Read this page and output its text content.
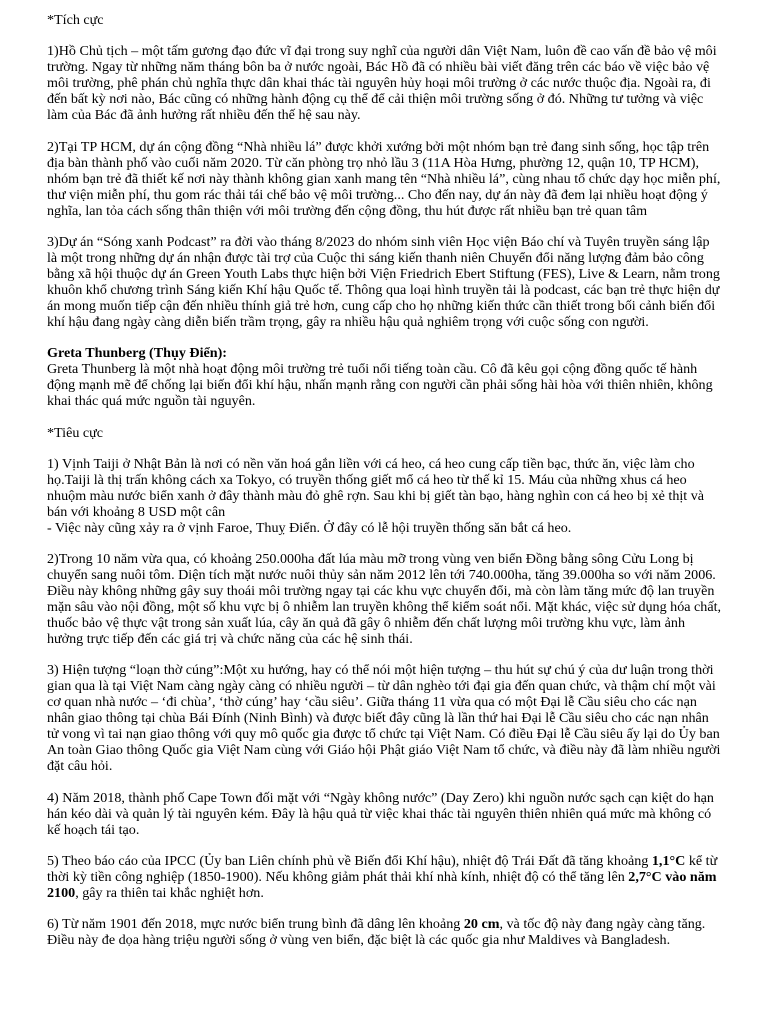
*Tích cực

1)Hồ Chủ tịch – một tấm gương đạo đức vĩ đại trong suy nghĩ của người dân Việt Nam, luôn đề cao vấn đề bảo vệ môi trường. Ngay từ những năm tháng bôn ba ở nước ngoài, Bác Hồ đã có nhiều bài viết đăng trên các báo về việc bảo vệ môi trường, phê phán chủ nghĩa thực dân khai thác tài nguyên hủy hoại môi trường ở các nước thuộc địa. Ngoài ra, đi đến bất kỳ nơi nào, Bác cũng có những hành động cụ thể để cải thiện môi trường sống ở đó. Những tư tưởng và việc làm của Bác đã ảnh hưởng rất nhiều đến thế hệ sau này.

2)Tại TP HCM, dự án cộng đồng “Nhà nhiều lá” được khởi xướng bởi một nhóm bạn trẻ đang sinh sống, học tập trên địa bàn thành phố vào cuối năm 2020. Từ căn phòng trọ nhỏ lầu 3 (11A Hòa Hưng, phường 12, quận 10, TP HCM), nhóm bạn trẻ đã thiết kế nơi này thành không gian xanh mang tên “Nhà nhiều lá”, cùng nhau tổ chức dạy học miễn phí, thư viện miễn phí, thu gom rác thải tái chế bảo vệ môi trường... Cho đến nay, dự án này đã đem lại nhiều hoạt động ý nghĩa, lan tỏa cách sống thân thiện với môi trường đến cộng đồng, thu hút được rất nhiều bạn trẻ quan tâm

3)Dự án “Sóng xanh Podcast” ra đời vào tháng 8/2023 do nhóm sinh viên Học viện Báo chí và Tuyên truyền sáng lập là một trong những dự án nhận được tài trợ của Cuộc thi sáng kiến thanh niên Chuyển đổi năng lượng đảm bảo công bằng xã hội thuộc dự án Green Youth Labs thực hiện bởi Viện Friedrich Ebert Stiftung (FES), Live & Learn, nằm trong khuôn khổ chương trình Sáng kiến Khí hậu Quốc tế. Thông qua loại hình truyền tải là podcast, các bạn trẻ thực hiện dự án mong muốn tiếp cận đến nhiều thính giả trẻ hơn, cung cấp cho họ những kiến thức cần thiết trong bối cảnh biến đổi khí hậu đang ngày càng diễn biến trầm trọng, gây ra nhiều hậu quả nghiêm trọng với cuộc sống con người.

Greta Thunberg (Thụy Điển):
Greta Thunberg là một nhà hoạt động môi trường trẻ tuổi nổi tiếng toàn cầu. Cô đã kêu gọi cộng đồng quốc tế hành động mạnh mẽ để chống lại biến đổi khí hậu, nhấn mạnh rằng con người cần phải sống hài hòa với thiên nhiên, không khai thác quá mức nguồn tài nguyên.

*Tiêu cực

1) Vịnh Taiji ở Nhật Bản là nơi có nền văn hoá gắn liền với cá heo, cá heo cung cấp tiền bạc, thức ăn, việc làm cho họ.Taiji là thị trấn không cách xa Tokyo, có truyền thống giết mổ cá heo từ thế kỉ 15. Máu của những xhus cá heo nhuộm màu nước biển xanh ở đây thành màu đỏ ghê rợn. Sau khi bị giết tàn bạo, hàng nghìn con cá heo bị xẻ thịt và bán với khoảng 8 USD một cân
- Việc này cũng xảy ra ở vịnh Faroe, Thuỵ Điển. Ở đây có lễ hội truyền thống săn bắt cá heo.

2)Trong 10 năm vừa qua, có khoảng 250.000ha đất lúa màu mỡ trong vùng ven biển Đồng bằng sông Cửu Long bị chuyển sang nuôi tôm. Diện tích mặt nước nuôi thủy sản năm 2012 lên tới 740.000ha, tăng 39.000ha so với năm 2006. Điều này không những gây suy thoái môi trường ngay tại các khu vực chuyển đổi, mà còn làm tăng mức độ lan truyền mặn sâu vào nội đồng, một số khu vực bị ô nhiễm lan truyền không thể kiểm soát nổi. Mặt khác, việc sử dụng hóa chất, thuốc bảo vệ thực vật trong sản xuất lúa, cây ăn quả đã gây ô nhiễm đến chất lượng môi trường khu vực, làm ảnh hưởng trực tiếp đến các giá trị và chức năng của các hệ sinh thái.

3) Hiện tượng “loạn thờ cúng”:Một xu hướng, hay có thể nói một hiện tượng – thu hút sự chú ý của dư luận trong thời gian qua là tại Việt Nam càng ngày càng có nhiều người – từ dân nghèo tới đại gia đến quan chức, và thậm chí một vài cơ quan nhà nước – ‘đi chùa’, ‘thờ cúng’ hay ‘cầu siêu’. Giữa tháng 11 vừa qua có một Đại lễ Cầu siêu cho các nạn nhân giao thông tại chùa Bái Đính (Ninh Bình) và được biết đây cũng là lần thứ hai Đại lễ Cầu siêu cho các nạn nhân tử vong vì tai nạn giao thông với quy mô quốc gia được tổ chức tại Việt Nam. Có điều Đại lễ Cầu siêu ấy lại do Ủy ban An toàn Giao thông Quốc gia Việt Nam cùng với Giáo hội Phật giáo Việt Nam tổ chức, và điều này đã làm nhiều người đặt câu hỏi.

4) Năm 2018, thành phố Cape Town đối mặt với “Ngày không nước” (Day Zero) khi nguồn nước sạch cạn kiệt do hạn hán kéo dài và quản lý tài nguyên kém. Đây là hậu quả từ việc khai thác tài nguyên thiên nhiên quá mức mà không có kế hoạch tái tạo.

5) Theo báo cáo của IPCC (Ủy ban Liên chính phủ về Biến đổi Khí hậu), nhiệt độ Trái Đất đã tăng khoảng 1,1°C kể từ thời kỳ tiền công nghiệp (1850-1900). Nếu không giảm phát thải khí nhà kính, nhiệt độ có thể tăng lên 2,7°C vào năm 2100, gây ra thiên tai khắc nghiệt hơn.

6) Từ năm 1901 đến 2018, mực nước biển trung bình đã dâng lên khoảng 20 cm, và tốc độ này đang ngày càng tăng. Điều này đe dọa hàng triệu người sống ở vùng ven biển, đặc biệt là các quốc gia như Maldives và Bangladesh.
